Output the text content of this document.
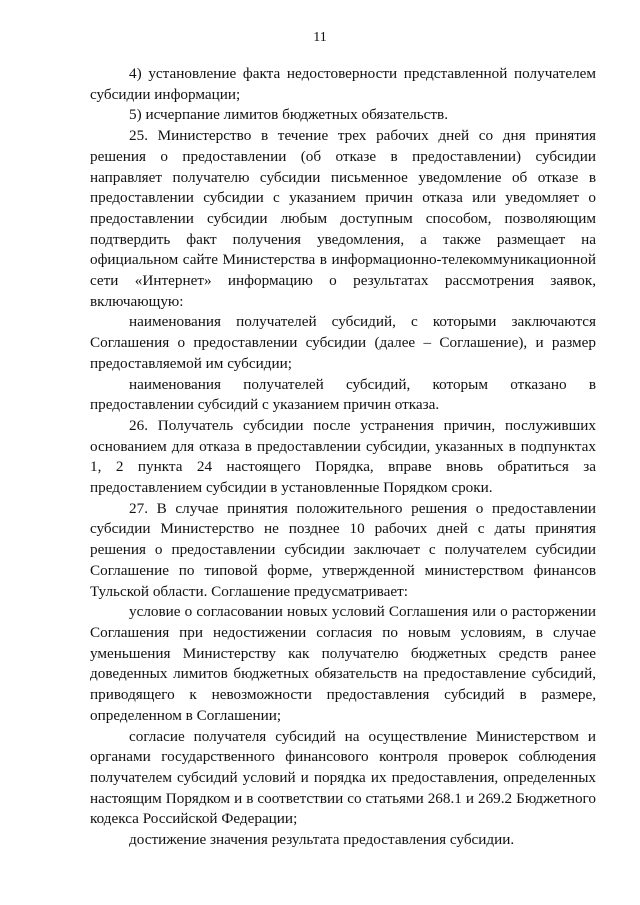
11

4) установление факта недостоверности представленной получателем субсидии информации;

5) исчерпание лимитов бюджетных обязательств.

25. Министерство в течение трех рабочих дней со дня принятия решения о предоставлении (об отказе в предоставлении) субсидии направляет получателю субсидии письменное уведомление об отказе в предоставлении субсидии с указанием причин отказа или уведомляет о предоставлении субсидии любым доступным способом, позволяющим подтвердить факт получения уведомления, а также размещает на официальном сайте Министерства в информационно-телекоммуникационной сети «Интернет» информацию о результатах рассмотрения заявок, включающую:

наименования получателей субсидий, с которыми заключаются Соглашения о предоставлении субсидии (далее – Соглашение), и размер предоставляемой им субсидии;

наименования получателей субсидий, которым отказано в предоставлении субсидий с указанием причин отказа.

26. Получатель субсидии после устранения причин, послуживших основанием для отказа в предоставлении субсидии, указанных в подпунктах 1, 2 пункта 24 настоящего Порядка, вправе вновь обратиться за предоставлением субсидии в установленные Порядком сроки.

27. В случае принятия положительного решения о предоставлении субсидии Министерство не позднее 10 рабочих дней с даты принятия решения о предоставлении субсидии заключает с получателем субсидии Соглашение по типовой форме, утвержденной министерством финансов Тульской области. Соглашение предусматривает:

условие о согласовании новых условий Соглашения или о расторжении Соглашения при недостижении согласия по новым условиям, в случае уменьшения Министерству как получателю бюджетных средств ранее доведенных лимитов бюджетных обязательств на предоставление субсидий, приводящего к невозможности предоставления субсидий в размере, определенном в Соглашении;

согласие получателя субсидий на осуществление Министерством и органами государственного финансового контроля проверок соблюдения получателем субсидий условий и порядка их предоставления, определенных настоящим Порядком и в соответствии со статьями 268.1 и 269.2 Бюджетного кодекса Российской Федерации;

достижение значения результата предоставления субсидии.
